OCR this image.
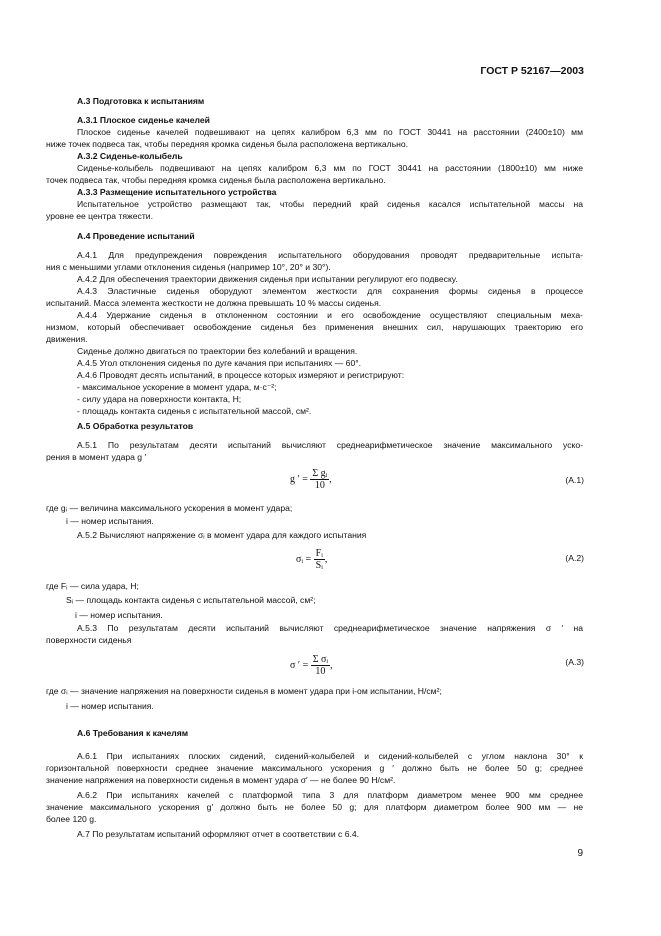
ГОСТ Р 52167—2003
А.3 Подготовка к испытаниям
А.3.1 Плоское сиденье качелей
Плоское сиденье качелей подвешивают на цепях калибром 6,3 мм по ГОСТ 30441 на расстоянии (2400±10) мм
ниже точек подвеса так, чтобы передняя кромка сиденья была расположена вертикально.
А.3.2 Сиденье-колыбель
Сиденье-колыбель подвешивают на цепях калибром 6,3 мм по ГОСТ 30441 на расстоянии (1800±10) мм ниже
точек подвеса так, чтобы передняя кромка сиденья была расположена вертикально.
А.3.3 Размещение испытательного устройства
Испытательное устройство размещают так, чтобы передний край сиденья касался испытательной массы на
уровне ее центра тяжести.
А.4 Проведение испытаний
А.4.1 Для предупреждения повреждения испытательного оборудования проводят предварительные испыта-
ния с меньшими углами отклонения сиденья (например 10°, 20° и 30°).
А.4.2 Для обеспечения траектории движения сиденья при испытании регулируют его подвеску.
А.4.3 Эластичные сиденья оборудуют элементом жесткости для сохранения формы сиденья в процессе
испытаний. Масса элемента жесткости не должна превышать 10 % массы сиденья.
А.4.4 Удержание сиденья в отклоненном состоянии и его освобождение осуществляют специальным меха-
низмом, который обеспечивает освобождение сиденья без применения внешних сил, нарушающих траекторию его
движения.
Сиденье должно двигаться по траектории без колебаний и вращения.
А.4.5 Угол отклонения сиденья по дуге качания при испытаниях — 60°.
А.4.6 Проводят десять испытаний, в процессе которых измеряют и регистрируют:
- максимальное ускорение в момент удара, м·с⁻²;
- силу удара на поверхности контакта, Н;
- площадь контакта сиденья с испытательной массой, см².
А.5 Обработка результатов
А.5.1 По результатам десяти испытаний вычисляют среднеарифметическое значение максимального уско-
рения в момент удара g ′
g ′ = $\frac{\text{Σ gᵢ}}{10}$ ,	(А.1)
где gᵢ — величина максимального ускорения в момент удара;
i — номер испытания.
А.5.2 Вычисляют напряжение σᵢ в момент удара для каждого испытания
σᵢ = $\frac{\text{Fᵢ}}{\text{Sᵢ}}$ ,	(А.2)
где Fᵢ — сила удара, Н;
Sᵢ — площадь контакта сиденья с испытательной массой, см²;
i — номер испытания.
А.5.3 По результатам десяти испытаний вычисляют среднеарифметическое значение напряжения σ ′ на
поверхности сиденья
σ ′ = $\frac{\text{Σ σᵢ}}{10}$ ,	(А.3)
где σᵢ — значение напряжения на поверхности сиденья в момент удара при i-ом испытании, Н/см²;
i — номер испытания.
А.6 Требования к качелям
А.6.1 При испытаниях плоских сидений, сидений-колыбелей и сидений-колыбелей с углом наклона 30° к
горизонтальной поверхности среднее значение максимального ускорения g ′ должно быть не более 50 g; среднее
значение напряжения на поверхности сиденья в момент удара σ′ — не более 90 Н/см².
А.6.2 При испытаниях качелей с платформой типа 3 для платформ диаметром менее 900 мм среднее
значение максимального ускорения g′ должно быть не более 50 g; для платформ диаметром более 900 мм — не
более 120 g.
А.7 По результатам испытаний оформляют отчет в соответствии с 6.4.
9
